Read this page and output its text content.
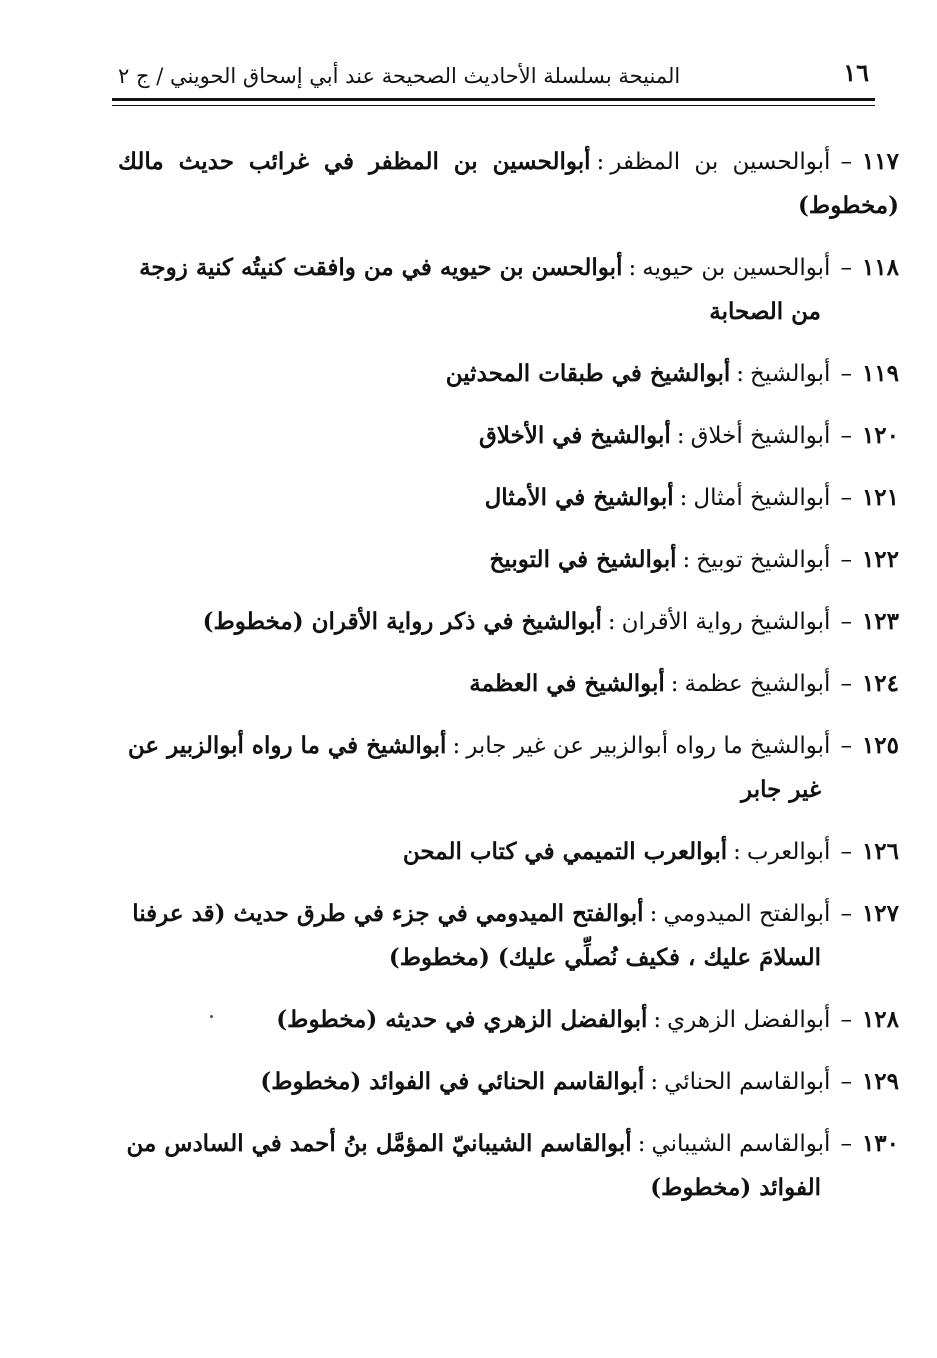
١٦
المنيحة بسلسلة الأحاديث الصحيحة عند أبي إسحاق الحويني / ج ٢
١١٧–أبوالحسين بن المظفر:أبوالحسين بن المظفر في غرائب حديث مالك (مخطوط)
١١٨–أبوالحسين بن حيويه:أبوالحسن بن حيويه في من وافقت كنيتُه كنية زوجة
من الصحابة
١١٩–أبوالشيخ:أبوالشيخ في طبقات المحدثين
١٢٠–أبوالشيخ أخلاق:أبوالشيخ في الأخلاق
١٢١–أبوالشيخ أمثال:أبوالشيخ في الأمثال
١٢٢–أبوالشيخ توبيخ:أبوالشيخ في التوبيخ
١٢٣–أبوالشيخ رواية الأقران:أبوالشيخ في ذكر رواية الأقران (مخطوط)
١٢٤–أبوالشيخ عظمة:أبوالشيخ في العظمة
١٢٥–أبوالشيخ ما رواه أبوالزبير عن غير جابر:أبوالشيخ في ما رواه أبوالزبير عن
غير جابر
١٢٦–أبوالعرب:أبوالعرب التميمي في كتاب المحن
١٢٧–أبوالفتح الميدومي:أبوالفتح الميدومي في جزء في طرق حديث (قد عرفنا
السلامَ عليك ، فكيف نُصلِّي عليك) (مخطوط)
١٢٨–أبوالفضل الزهري:أبوالفضل الزهري في حديثه (مخطوط)
١٢٩–أبوالقاسم الحنائي:أبوالقاسم الحنائي في الفوائد (مخطوط)
١٣٠–أبوالقاسم الشيباني:أبوالقاسم الشيبانيّ المؤمَّل بنُ أحمد في السادس من
الفوائد (مخطوط)
